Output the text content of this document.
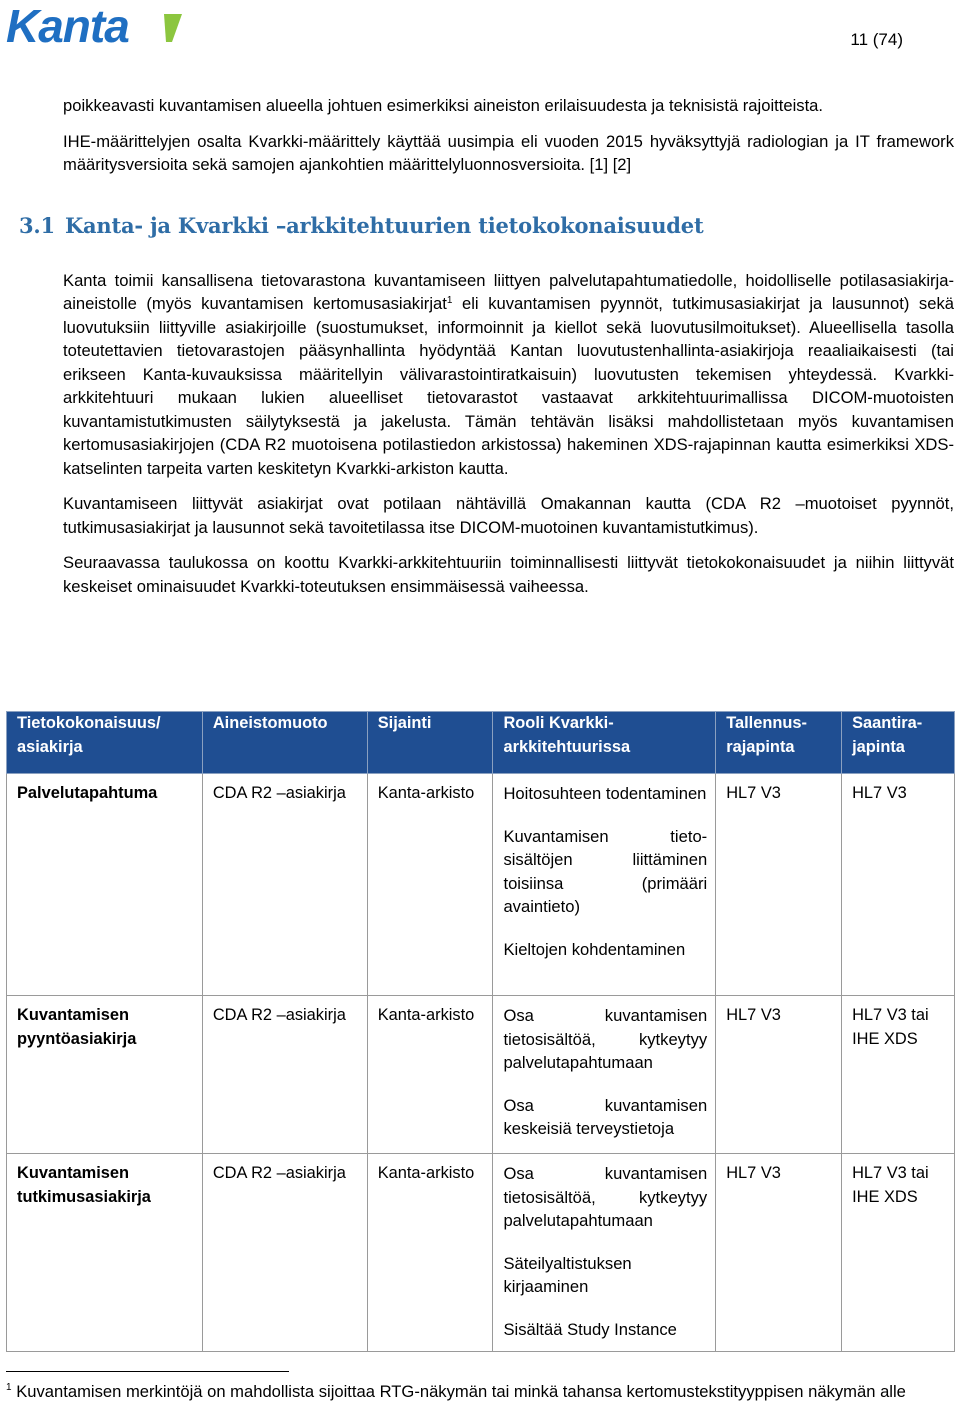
Kanta	11 (74)

poikkeavasti kuvantamisen alueella johtuen esimerkiksi aineiston erilaisuudesta ja teknisistä rajoitteista.

IHE-määrittelyjen osalta Kvarkki-määrittely käyttää uusimpia eli vuoden 2015 hyväksyttyjä radiologian ja IT framework määritysversioita sekä samojen ajankohtien määrittelyluonnosversioita. [1] [2]

3.1 Kanta- ja Kvarkki –arkkitehtuurien tietokokonaisuudet

Kanta toimii kansallisena tietovarastona kuvantamiseen liittyen palvelutapahtumatiedolle, hoidolliselle potilasasiakirja-aineistolle (myös kuvantamisen kertomusasiakirjat$^1$ eli kuvantamisen pyynnöt, tutkimusasiakirjat ja lausunnot) sekä luovutuksiin liittyville asiakirjoille (suostumukset, informoinnit ja kiellot sekä luovutusilmoitukset). Alueellisella tasolla toteutettavien tietovarastojen pääsynhallinta hyödyntää Kantan luovutustenhallinta-asiakirjoja reaaliaikaisesti (tai erikseen Kanta-kuvauksissa määritellyin välivarastointiratkaisuin) luovutusten tekemisen yhteydessä. Kvarkki-arkkitehtuuri mukaan lukien alueelliset tietovarastot vastaavat arkkitehtuurimallissa DICOM-muotoisten kuvantamistutkimusten säilytyksestä ja jakelusta. Tämän tehtävän lisäksi mahdollistetaan myös kuvantamisen kertomusasiakirjojen (CDA R2 muotoisena potilastiedon arkistossa) hakeminen XDS-rajapinnan kautta esimerkiksi XDS-katselinten tarpeita varten keskitetyn Kvarkki-arkiston kautta.

Kuvantamiseen liittyvät asiakirjat ovat potilaan nähtävillä Omakannan kautta (CDA R2 –muotoiset pyynnöt, tutkimusasiakirjat ja lausunnot sekä tavoitetilassa itse DICOM-muotoinen kuvantamistutkimus).

Seuraavassa taulukossa on koottu Kvarkki-arkkitehtuuriin toiminnallisesti liittyvät tietokokonaisuudet ja niihin liittyvät keskeiset ominaisuudet Kvarkki-toteutuksen ensimmäisessä vaiheessa.

Tietokokonaisuus/ asiakirja	Aineistomuoto	Sijainti	Rooli Kvarkki-arkkitehtuurissa	Tallennus-rajapinta	Saantira-japinta
Palvelutapahtuma	CDA R2 –asiakirja	Kanta-arkisto	Hoitosuhteen todentaminen

Kuvantamisen tieto-sisältöjen liittäminen toisiinsa (primääri avaintieto)

Kieltojen kohdentaminen	HL7 V3	HL7 V3
Kuvantamisen pyyntöasiakirja	CDA R2 –asiakirja	Kanta-arkisto	Osa kuvantamisen tietosisältöä, kytkeytyy palvelutapahtumaan

Osa kuvantamisen keskeisiä terveystietoja	HL7 V3	HL7 V3 tai IHE XDS
Kuvantamisen tutkimusasiakirja	CDA R2 –asiakirja	Kanta-arkisto	Osa kuvantamisen tietosisältöä, kytkeytyy palvelutapahtumaan

Säteilyaltistuksen kirjaaminen

Sisältää Study Instance	HL7 V3	HL7 V3 tai IHE XDS
$^1$ Kuvantamisen merkintöjä on mahdollista sijoittaa RTG-näkymän tai minkä tahansa kertomustekstityyppisen näkymän alle
